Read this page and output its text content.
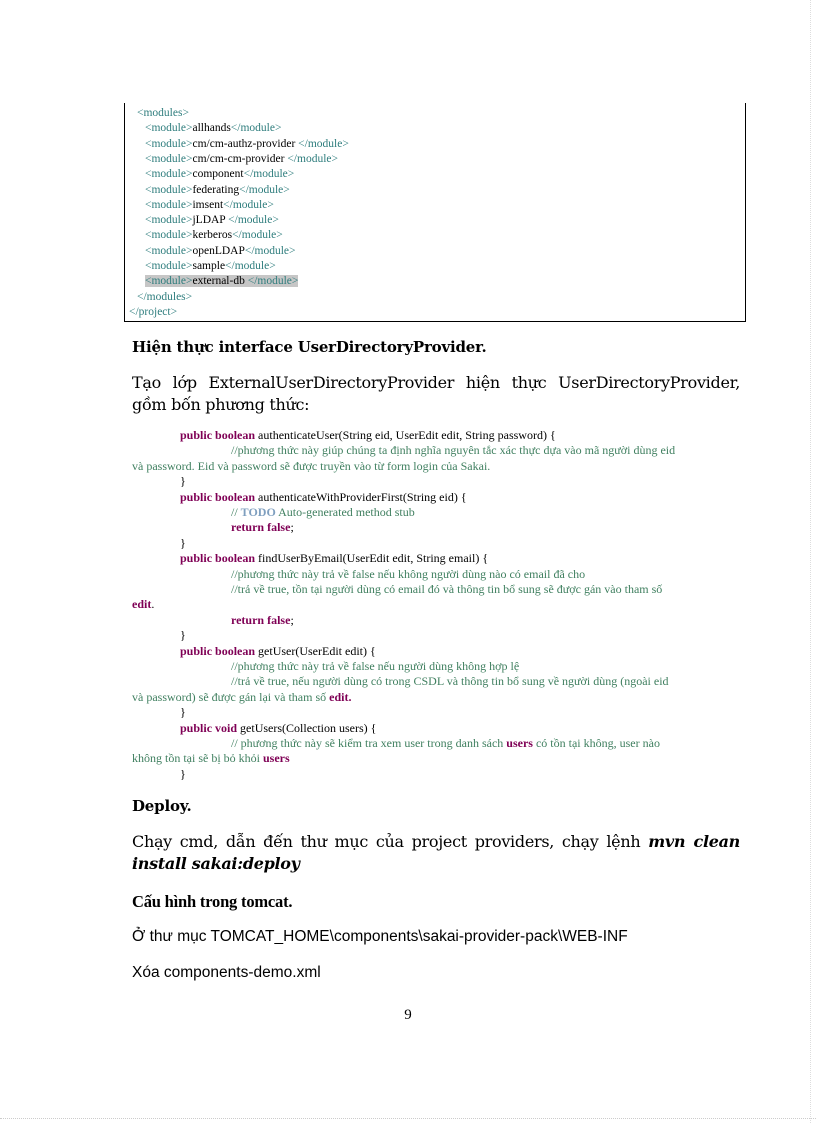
<modules>
<module>allhands</module>
<module>cm/cm-authz-provider </module>
<module>cm/cm-cm-provider </module>
<module>component</module>
<module>federating</module>
<module>imsent</module>
<module>jLDAP </module>
<module>kerberos</module>
<module>openLDAP</module>
<module>sample</module>
<module>external-db </module>
</modules>
</project>
Hiện thực interface UserDirectoryProvider.
Tạo lớp ExternalUserDirectoryProvider hiện thực UserDirectoryProvider, gồm bốn phương thức:
public boolean authenticateUser(String eid, UserEdit edit, String password) {
//phương thức này giúp chúng ta định nghĩa nguyên tắc xác thực dựa vào mã người dùng eid
và password. Eid và password sẽ được truyền vào từ form login của Sakai.
}
public boolean authenticateWithProviderFirst(String eid) {
// TODO Auto-generated method stub
return false;
}
public boolean findUserByEmail(UserEdit edit, String email) {
//phương thức này trả về false nếu không người dùng nào có email đã cho
//trả về true, tồn tại người dùng có email đó và thông tin bổ sung sẽ được gán vào tham số
edit.
return false;
}
public boolean getUser(UserEdit edit) {
//phương thức này trả về false nếu người dùng không hợp lệ
//trả về true, nếu người dùng có trong CSDL và thông tin bổ sung về người dùng (ngoài eid
và password) sẽ được gán lại và tham số edit.
}
public void getUsers(Collection users) {
// phương thức này sẽ kiểm tra xem user trong danh sách users có tồn tại không, user nào
không tồn tại sẽ bị bỏ khỏi users
}
Deploy.
Chạy cmd, dẫn đến thư mục của project providers, chạy lệnh mvn clean install sakai:deploy
Cấu hình trong tomcat.
Ở thư mục TOMCAT_HOME\components\sakai-provider-pack\WEB-INF
Xóa components-demo.xml
9
